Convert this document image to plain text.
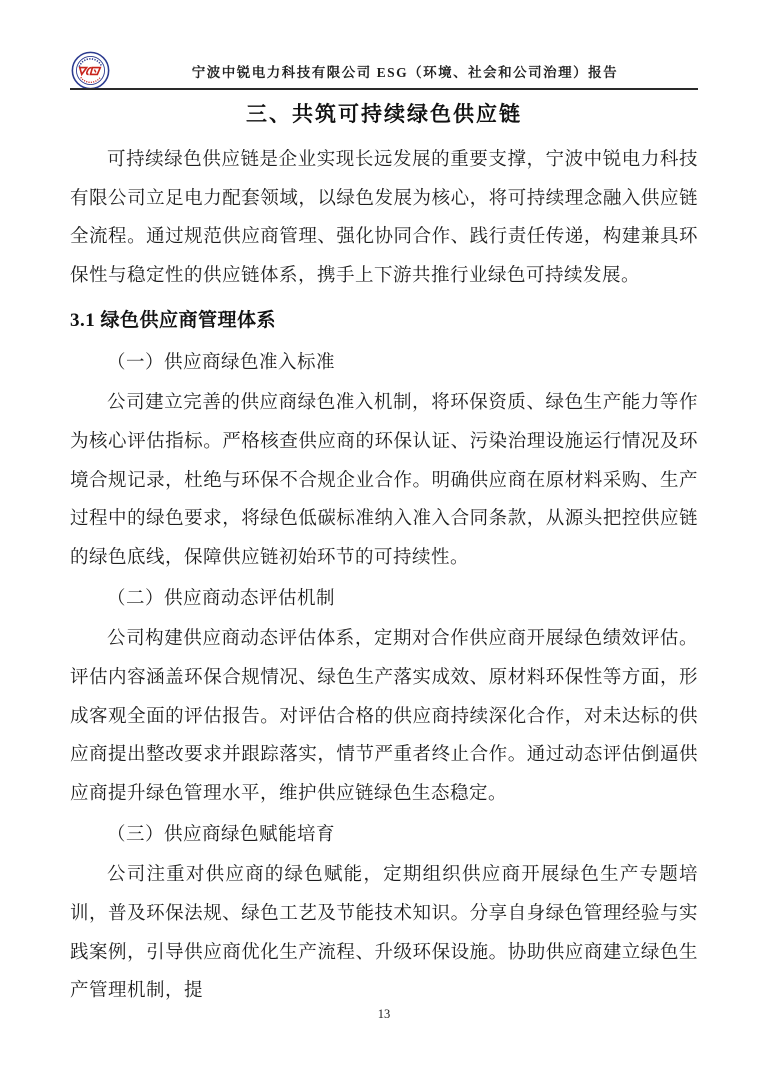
宁波中锐电力科技有限公司 ESG（环境、社会和公司治理）报告
三、共筑可持续绿色供应链

可持续绿色供应链是企业实现长远发展的重要支撑，宁波中锐电力科技有限公司立足电力配套领域，以绿色发展为核心，将可持续理念融入供应链全流程。通过规范供应商管理、强化协同合作、践行责任传递，构建兼具环保性与稳定性的供应链体系，携手上下游共推行业绿色可持续发展。

3.1 绿色供应商管理体系

（一）供应商绿色准入标准

公司建立完善的供应商绿色准入机制，将环保资质、绿色生产能力等作为核心评估指标。严格核查供应商的环保认证、污染治理设施运行情况及环境合规记录，杜绝与环保不合规企业合作。明确供应商在原材料采购、生产过程中的绿色要求，将绿色低碳标准纳入准入合同条款，从源头把控供应链的绿色底线，保障供应链初始环节的可持续性。

（二）供应商动态评估机制

公司构建供应商动态评估体系，定期对合作供应商开展绿色绩效评估。评估内容涵盖环保合规情况、绿色生产落实成效、原材料环保性等方面，形成客观全面的评估报告。对评估合格的供应商持续深化合作，对未达标的供应商提出整改要求并跟踪落实，情节严重者终止合作。通过动态评估倒逼供应商提升绿色管理水平，维护供应链绿色生态稳定。

（三）供应商绿色赋能培育

公司注重对供应商的绿色赋能，定期组织供应商开展绿色生产专题培训，普及环保法规、绿色工艺及节能技术知识。分享自身绿色管理经验与实践案例，引导供应商优化生产流程、升级环保设施。协助供应商建立绿色生产管理机制，提

13
